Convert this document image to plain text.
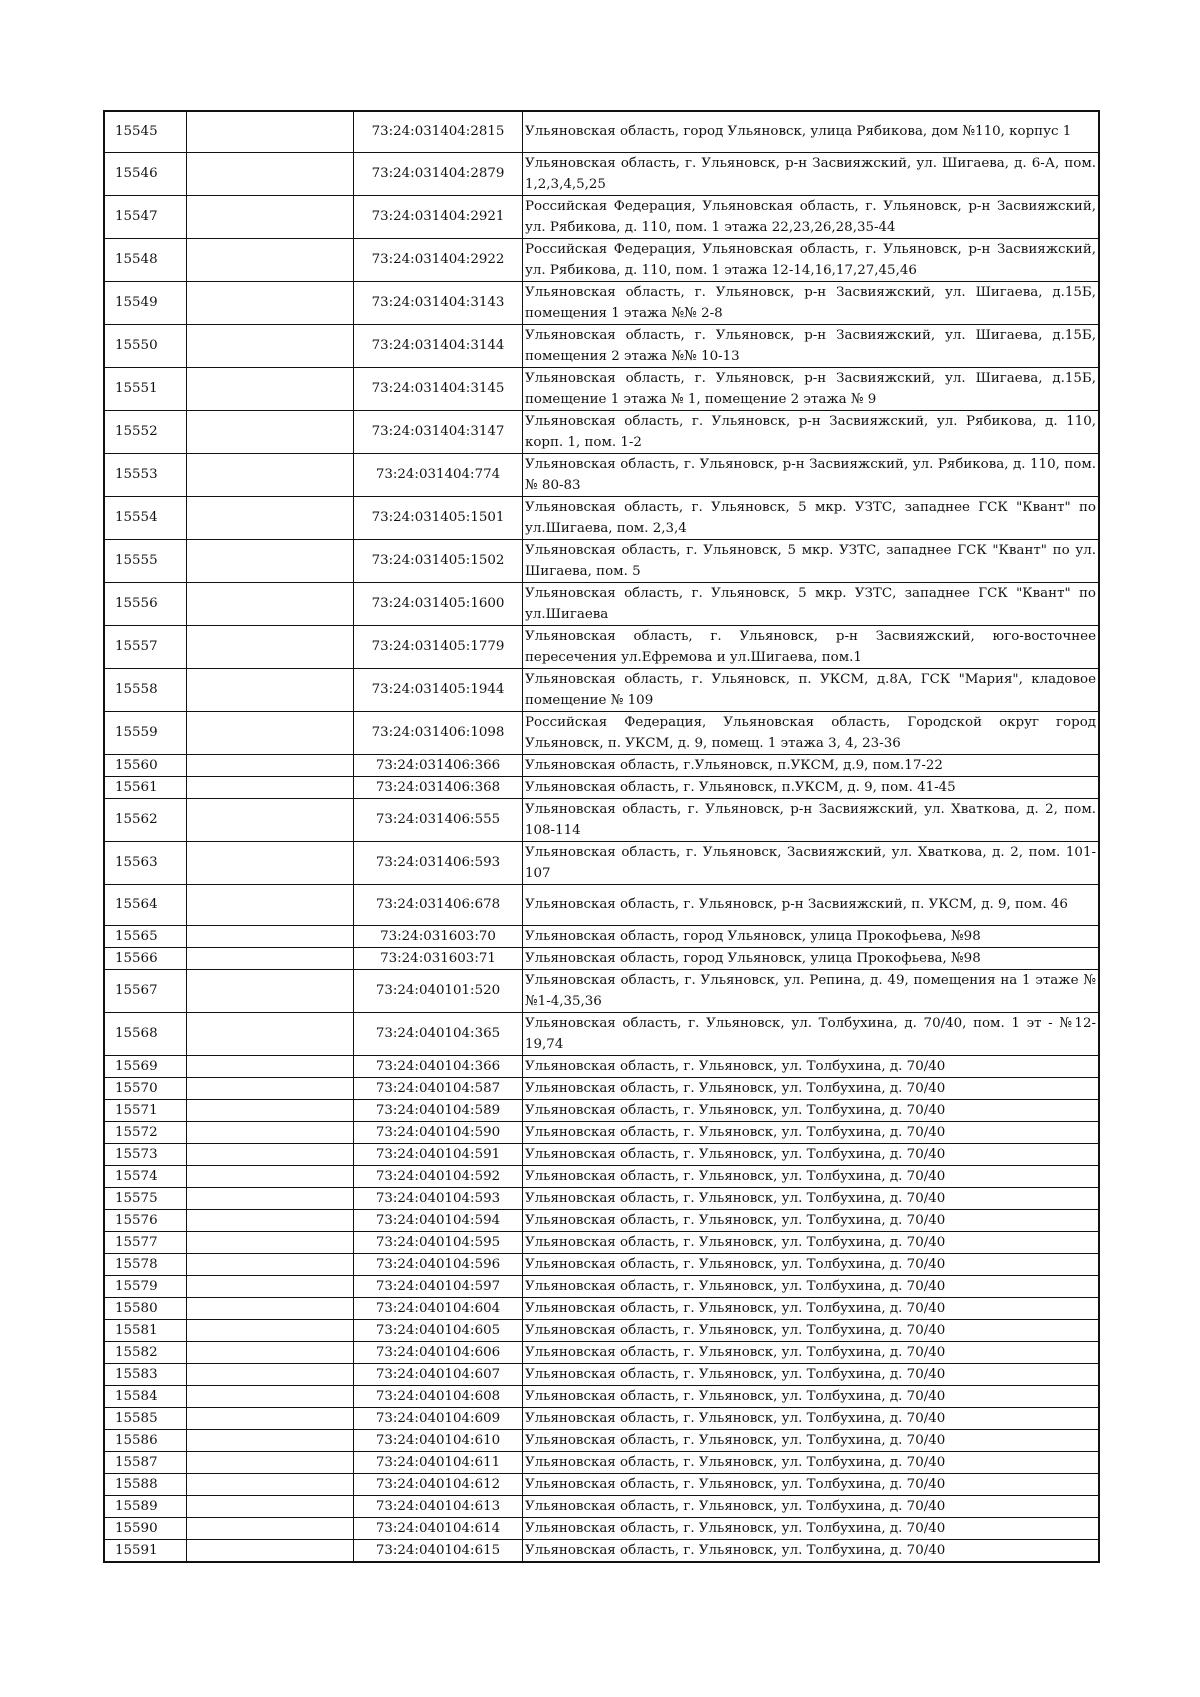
15545		73:24:031404:2815	Ульяновская область, город Ульяновск, улица Рябикова, дом №110, корпус 1
15546		73:24:031404:2879	Ульяновская область, г. Ульяновск, р-н Засвияжский, ул. Шигаева, д. 6-А, пом. 1,2,3,4,5,25
15547		73:24:031404:2921	Российская Федерация, Ульяновская область, г. Ульяновск, р-н Засвияжский, ул. Рябикова, д. 110, пом. 1 этажа 22,23,26,28,35-44
15548		73:24:031404:2922	Российская Федерация, Ульяновская область, г. Ульяновск, р-н Засвияжский, ул. Рябикова, д. 110, пом. 1 этажа 12-14,16,17,27,45,46
15549		73:24:031404:3143	Ульяновская область, г. Ульяновск, р-н Засвияжский, ул. Шигаева, д.15Б, помещения 1 этажа №№ 2-8
15550		73:24:031404:3144	Ульяновская область, г. Ульяновск, р-н Засвияжский, ул. Шигаева, д.15Б, помещения 2 этажа №№ 10-13
15551		73:24:031404:3145	Ульяновская область, г. Ульяновск, р-н Засвияжский, ул. Шигаева, д.15Б, помещение 1 этажа № 1, помещение 2 этажа № 9
15552		73:24:031404:3147	Ульяновская область, г. Ульяновск, р-н Засвияжский, ул. Рябикова, д. 110, корп. 1, пом. 1-2
15553		73:24:031404:774	Ульяновская область, г. Ульяновск, р-н Засвияжский, ул. Рябикова, д. 110, пом. № 80-83
15554		73:24:031405:1501	Ульяновская область, г. Ульяновск, 5 мкр. УЗТС, западнее ГСК "Квант" по ул.Шигаева, пом. 2,3,4
15555		73:24:031405:1502	Ульяновская область, г. Ульяновск, 5 мкр. УЗТС, западнее ГСК "Квант" по ул. Шигаева, пом. 5
15556		73:24:031405:1600	Ульяновская область, г. Ульяновск, 5 мкр. УЗТС, западнее ГСК "Квант" по ул.Шигаева
15557		73:24:031405:1779	Ульяновская область, г. Ульяновск, р-н Засвияжский, юго-восточнее пересечения ул.Ефремова и ул.Шигаева, пом.1
15558		73:24:031405:1944	Ульяновская область, г. Ульяновск, п. УКСМ, д.8А, ГСК "Мария", кладовое помещение № 109
15559		73:24:031406:1098	Российская Федерация, Ульяновская область, Городской округ город Ульяновск, п. УКСМ, д. 9, помещ. 1 этажа 3, 4, 23-36
15560		73:24:031406:366	Ульяновская область, г.Ульяновск, п.УКСМ, д.9, пом.17-22
15561		73:24:031406:368	Ульяновская область, г. Ульяновск, п.УКСМ, д. 9, пом. 41-45
15562		73:24:031406:555	Ульяновская область, г. Ульяновск, р-н Засвияжский, ул. Хваткова, д. 2, пом. 108-114
15563		73:24:031406:593	Ульяновская область, г. Ульяновск, Засвияжский, ул. Хваткова, д. 2, пом. 101-107
15564		73:24:031406:678	Ульяновская область, г. Ульяновск, р-н Засвияжский, п. УКСМ, д. 9, пом. 46
15565		73:24:031603:70	Ульяновская область, город Ульяновск, улица Прокофьева, №98
15566		73:24:031603:71	Ульяновская область, город Ульяновск, улица Прокофьева, №98
15567		73:24:040101:520	Ульяновская область, г. Ульяновск, ул. Репина, д. 49, помещения на 1 этаже №№1-4,35,36
15568		73:24:040104:365	Ульяновская область, г. Ульяновск, ул. Толбухина, д. 70/40, пом. 1 эт - №12-19,74
15569		73:24:040104:366	Ульяновская область, г. Ульяновск, ул. Толбухина, д. 70/40
15570		73:24:040104:587	Ульяновская область, г. Ульяновск, ул. Толбухина, д. 70/40
15571		73:24:040104:589	Ульяновская область, г. Ульяновск, ул. Толбухина, д. 70/40
15572		73:24:040104:590	Ульяновская область, г. Ульяновск, ул. Толбухина, д. 70/40
15573		73:24:040104:591	Ульяновская область, г. Ульяновск, ул. Толбухина, д. 70/40
15574		73:24:040104:592	Ульяновская область, г. Ульяновск, ул. Толбухина, д. 70/40
15575		73:24:040104:593	Ульяновская область, г. Ульяновск, ул. Толбухина, д. 70/40
15576		73:24:040104:594	Ульяновская область, г. Ульяновск, ул. Толбухина, д. 70/40
15577		73:24:040104:595	Ульяновская область, г. Ульяновск, ул. Толбухина, д. 70/40
15578		73:24:040104:596	Ульяновская область, г. Ульяновск, ул. Толбухина, д. 70/40
15579		73:24:040104:597	Ульяновская область, г. Ульяновск, ул. Толбухина, д. 70/40
15580		73:24:040104:604	Ульяновская область, г. Ульяновск, ул. Толбухина, д. 70/40
15581		73:24:040104:605	Ульяновская область, г. Ульяновск, ул. Толбухина, д. 70/40
15582		73:24:040104:606	Ульяновская область, г. Ульяновск, ул. Толбухина, д. 70/40
15583		73:24:040104:607	Ульяновская область, г. Ульяновск, ул. Толбухина, д. 70/40
15584		73:24:040104:608	Ульяновская область, г. Ульяновск, ул. Толбухина, д. 70/40
15585		73:24:040104:609	Ульяновская область, г. Ульяновск, ул. Толбухина, д. 70/40
15586		73:24:040104:610	Ульяновская область, г. Ульяновск, ул. Толбухина, д. 70/40
15587		73:24:040104:611	Ульяновская область, г. Ульяновск, ул. Толбухина, д. 70/40
15588		73:24:040104:612	Ульяновская область, г. Ульяновск, ул. Толбухина, д. 70/40
15589		73:24:040104:613	Ульяновская область, г. Ульяновск, ул. Толбухина, д. 70/40
15590		73:24:040104:614	Ульяновская область, г. Ульяновск, ул. Толбухина, д. 70/40
15591		73:24:040104:615	Ульяновская область, г. Ульяновск, ул. Толбухина, д. 70/40
